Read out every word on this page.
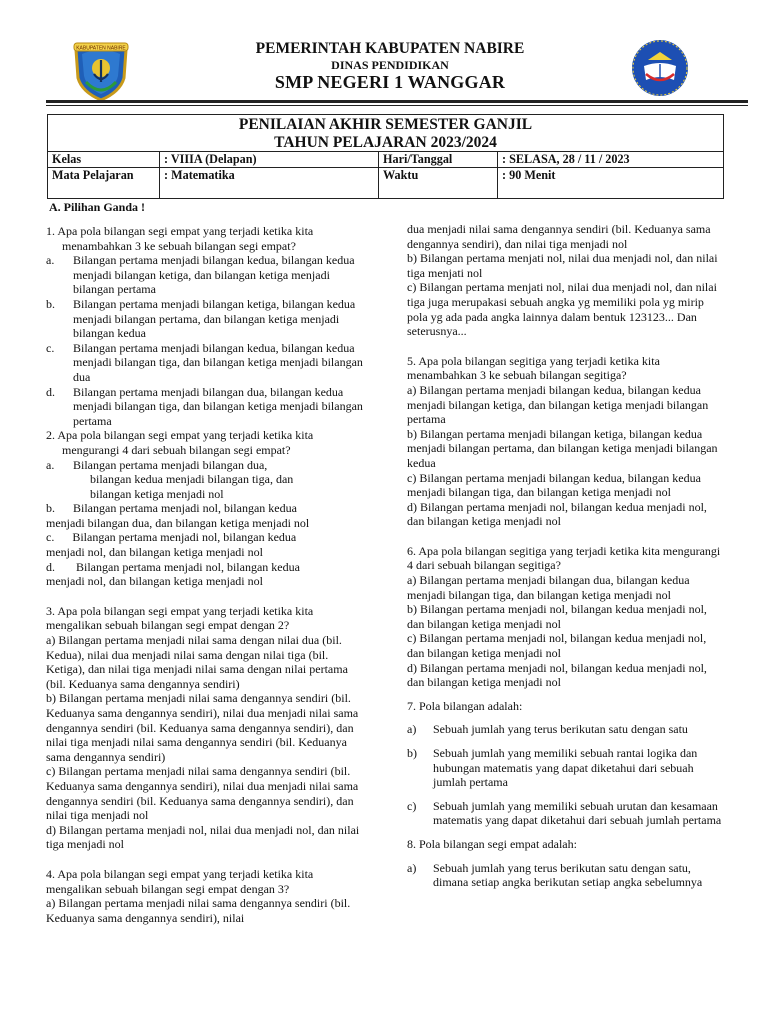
KABUPATEN NABIRE	PEMERINTAH KABUPATEN NABIRE
DINAS PENDIDIKAN
SMP NEGERI 1 WANGGAR
PENILAIAN AKHIR SEMESTER GANJIL
TAHUN PELAJARAN 2023/2024
Kelas	: VIIIA (Delapan)	Hari/Tanggal	: SELASA, 28 / 11 / 2023
Mata Pelajaran	: Matematika	Waktu	: 90 Menit
A. Pilihan Ganda !

1. Apa pola bilangan segi empat yang terjadi ketika kita

menambahkan 3 ke sebuah bilangan segi empat?

a.	Bilangan pertama menjadi bilangan kedua, bilangan kedua menjadi bilangan ketiga, dan bilangan ketiga menjadi bilangan pertama
b.	Bilangan pertama menjadi bilangan ketiga, bilangan kedua menjadi bilangan pertama, dan bilangan ketiga menjadi bilangan kedua
c.	Bilangan pertama menjadi bilangan kedua, bilangan kedua menjadi bilangan tiga, dan bilangan ketiga menjadi bilangan dua
d.	Bilangan pertama menjadi bilangan dua, bilangan kedua menjadi bilangan tiga, dan bilangan ketiga menjadi bilangan pertama

2. Apa pola bilangan segi empat yang terjadi ketika kita

mengurangi 4 dari sebuah bilangan segi empat?

a.	Bilangan pertama menjadi bilangan dua,

bilangan kedua menjadi bilangan tiga, dan

bilangan ketiga menjadi nol

b.      Bilangan pertama menjadi nol, bilangan kedua

menjadi bilangan dua, dan bilangan ketiga menjadi nol

c.      Bilangan pertama menjadi nol, bilangan kedua

menjadi nol, dan bilangan ketiga menjadi nol

d.       Bilangan pertama menjadi nol, bilangan kedua

menjadi nol, dan bilangan ketiga menjadi nol

3. Apa pola bilangan segi empat yang terjadi ketika kita mengalikan sebuah bilangan segi empat dengan 2?

a) Bilangan pertama menjadi nilai sama dengan nilai dua (bil. Kedua), nilai dua menjadi nilai sama dengan nilai tiga (bil. Ketiga), dan nilai tiga menjadi nilai sama dengan nilai pertama (bil. Keduanya sama dengannya sendiri)

b) Bilangan pertama menjadi nilai sama dengannya sendiri (bil. Keduanya sama dengannya sendiri), nilai dua menjadi nilai sama dengannya sendiri (bil. Keduanya sama dengannya sendiri), dan nilai tiga menjadi nilai sama dengannya sendiri (bil. Keduanya sama dengannya sendiri)

c) Bilangan pertama menjadi nilai sama dengannya sendiri (bil. Keduanya sama dengannya sendiri), nilai dua menjadi nilai sama dengannya sendiri (bil. Keduanya sama dengannya sendiri), dan nilai tiga menjadi nol

d) Bilangan pertama menjadi nol, nilai dua menjadi nol, dan nilai tiga menjadi nol

4. Apa pola bilangan segi empat yang terjadi ketika kita mengalikan sebuah bilangan segi empat dengan 3?

a) Bilangan pertama menjadi nilai sama dengannya sendiri (bil. Keduanya sama dengannya sendiri), nilai

dua menjadi nilai sama dengannya sendiri (bil. Keduanya sama dengannya sendiri), dan nilai tiga menjadi nol

b) Bilangan pertama menjati nol, nilai dua menjadi nol, dan nilai tiga menjati nol

c) Bilangan pertama menjati nol, nilai dua menjadi nol, dan nilai tiga juga merupakasi sebuah angka yg memiliki pola yg mirip pola yg ada pada angka lainnya dalam bentuk 123123... Dan seterusnya...

5. Apa pola bilangan segitiga yang terjadi ketika kita menambahkan 3 ke sebuah bilangan segitiga?

a) Bilangan pertama menjadi bilangan kedua, bilangan kedua menjadi bilangan ketiga, dan bilangan ketiga menjadi bilangan pertama

b) Bilangan pertama menjadi bilangan ketiga, bilangan kedua menjadi bilangan pertama, dan bilangan ketiga menjadi bilangan kedua

c) Bilangan pertama menjadi bilangan kedua, bilangan kedua menjadi bilangan tiga, dan bilangan ketiga menjadi nol

d) Bilangan pertama menjadi nol, bilangan kedua menjadi nol, dan bilangan ketiga menjadi nol

6. Apa pola bilangan segitiga yang terjadi ketika kita mengurangi 4 dari sebuah bilangan segitiga?

a) Bilangan pertama menjadi bilangan dua, bilangan kedua menjadi bilangan tiga, dan bilangan ketiga menjadi nol

b) Bilangan pertama menjadi nol, bilangan kedua menjadi nol, dan bilangan ketiga menjadi nol

c) Bilangan pertama menjadi nol, bilangan kedua menjadi nol, dan bilangan ketiga menjadi nol

d) Bilangan pertama menjadi nol, bilangan kedua menjadi nol, dan bilangan ketiga menjadi nol

7. Pola bilangan adalah:

a)	Sebuah jumlah yang terus berikutan satu dengan satu
b)	Sebuah jumlah yang memiliki sebuah rantai logika dan hubungan matematis yang dapat diketahui dari sebuah jumlah pertama
c)	Sebuah jumlah yang memiliki sebuah urutan dan kesamaan matematis yang dapat diketahui dari sebuah jumlah pertama

8. Pola bilangan segi empat adalah:

a)	Sebuah jumlah yang terus berikutan satu dengan satu, dimana setiap angka berikutan setiap angka sebelumnya
